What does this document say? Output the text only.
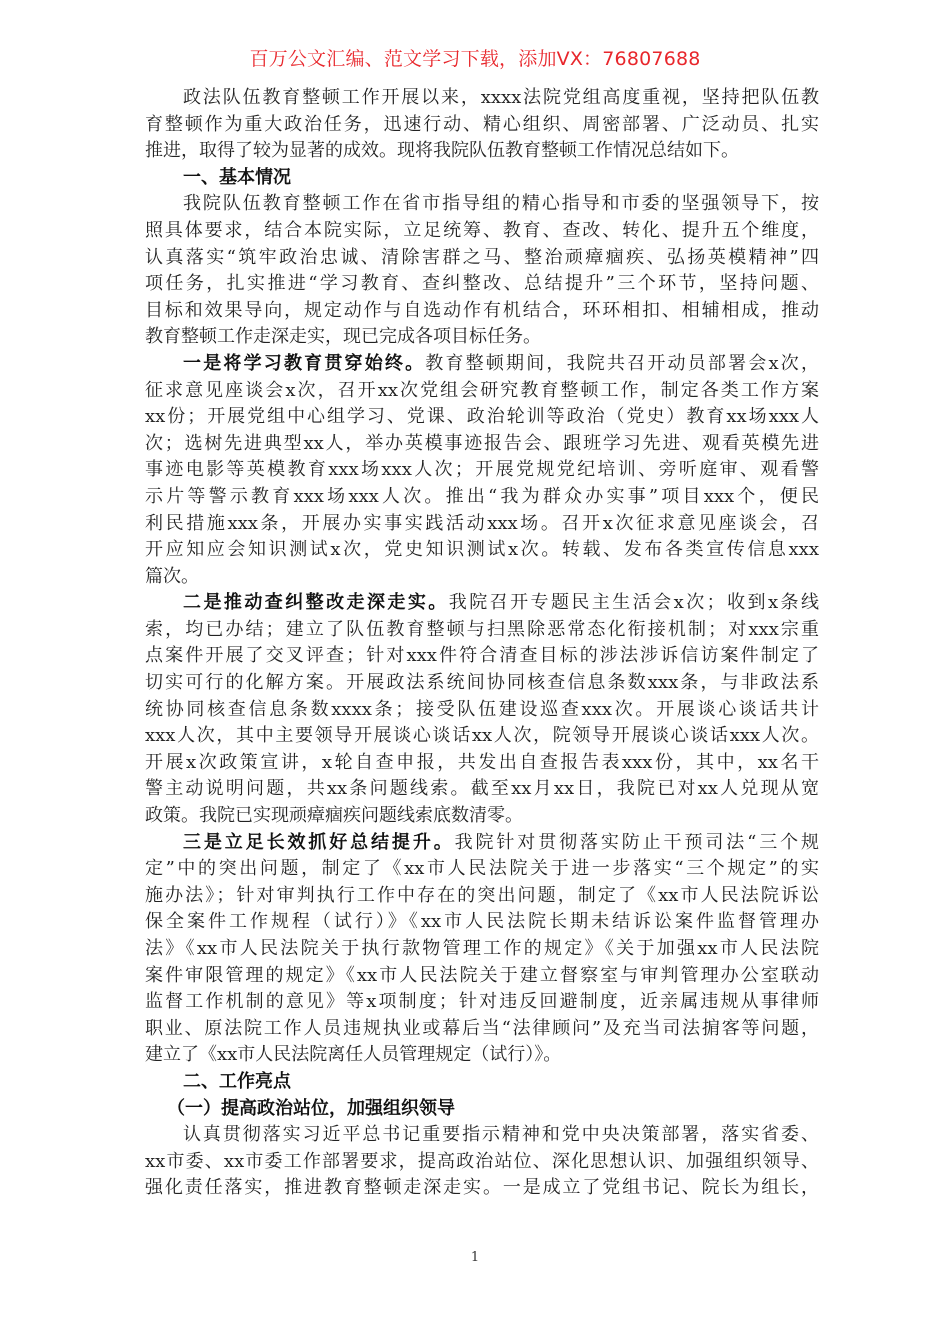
百万公文汇编、范文学习下载，添加VX：76807688
政法队伍教育整顿工作开展以来，xxxx法院党组高度重视，坚持把队伍教
育整顿作为重大政治任务，迅速行动、精心组织、周密部署、广泛动员、扎实
推进，取得了较为显著的成效。现将我院队伍教育整顿工作情况总结如下。
一、基本情况
我院队伍教育整顿工作在省市指导组的精心指导和市委的坚强领导下，按
照具体要求，结合本院实际，立足统筹、教育、查改、转化、提升五个维度，
认真落实“筑牢政治忠诚、清除害群之马、整治顽瘴痼疾、弘扬英模精神”四
项任务，扎实推进“学习教育、查纠整改、总结提升”三个环节，坚持问题、
目标和效果导向，规定动作与自选动作有机结合，环环相扣、相辅相成，推动
教育整顿工作走深走实，现已完成各项目标任务。
一是将学习教育贯穿始终。教育整顿期间，我院共召开动员部署会x次，
征求意见座谈会x次，召开xx次党组会研究教育整顿工作，制定各类工作方案
xx份；开展党组中心组学习、党课、政治轮训等政治（党史）教育xx场xxx人
次；选树先进典型xx人，举办英模事迹报告会、跟班学习先进、观看英模先进
事迹电影等英模教育xxx场xxx人次；开展党规党纪培训、旁听庭审、观看警
示片等警示教育xxx场xxx人次。推出“我为群众办实事”项目xxx个，便民
利民措施xxx条，开展办实事实践活动xxx场。召开x次征求意见座谈会，召
开应知应会知识测试x次，党史知识测试x次。转载、发布各类宣传信息xxx
篇次。
二是推动查纠整改走深走实。我院召开专题民主生活会x次；收到x条线
索，均已办结；建立了队伍教育整顿与扫黑除恶常态化衔接机制；对xxx宗重
点案件开展了交叉评查；针对xxx件符合清查目标的涉法涉诉信访案件制定了
切实可行的化解方案。开展政法系统间协同核查信息条数xxx条，与非政法系
统协同核查信息条数xxxx条；接受队伍建设巡查xxx次。开展谈心谈话共计
xxx人次，其中主要领导开展谈心谈话xx人次，院领导开展谈心谈话xxx人次。
开展x次政策宣讲，x轮自查申报，共发出自查报告表xxx份，其中，xx名干
警主动说明问题，共xx条问题线索。截至xx月xx日，我院已对xx人兑现从宽
政策。我院已实现顽瘴痼疾问题线索底数清零。
三是立足长效抓好总结提升。我院针对贯彻落实防止干预司法“三个规
定”中的突出问题，制定了《xx市人民法院关于进一步落实“三个规定”的实
施办法》；针对审判执行工作中存在的突出问题，制定了《xx市人民法院诉讼
保全案件工作规程（试行）》《xx市人民法院长期未结诉讼案件监督管理办
法》《xx市人民法院关于执行款物管理工作的规定》《关于加强xx市人民法院
案件审限管理的规定》《xx市人民法院关于建立督察室与审判管理办公室联动
监督工作机制的意见》等x项制度；针对违反回避制度，近亲属违规从事律师
职业、原法院工作人员违规执业或幕后当“法律顾问”及充当司法掮客等问题，
建立了《xx市人民法院离任人员管理规定（试行）》。
二、工作亮点
（一）提高政治站位，加强组织领导
认真贯彻落实习近平总书记重要指示精神和党中央决策部署，落实省委、
xx市委、xx市委工作部署要求，提高政治站位、深化思想认识、加强组织领导、
强化责任落实，推进教育整顿走深走实。一是成立了党组书记、院长为组长，
1
